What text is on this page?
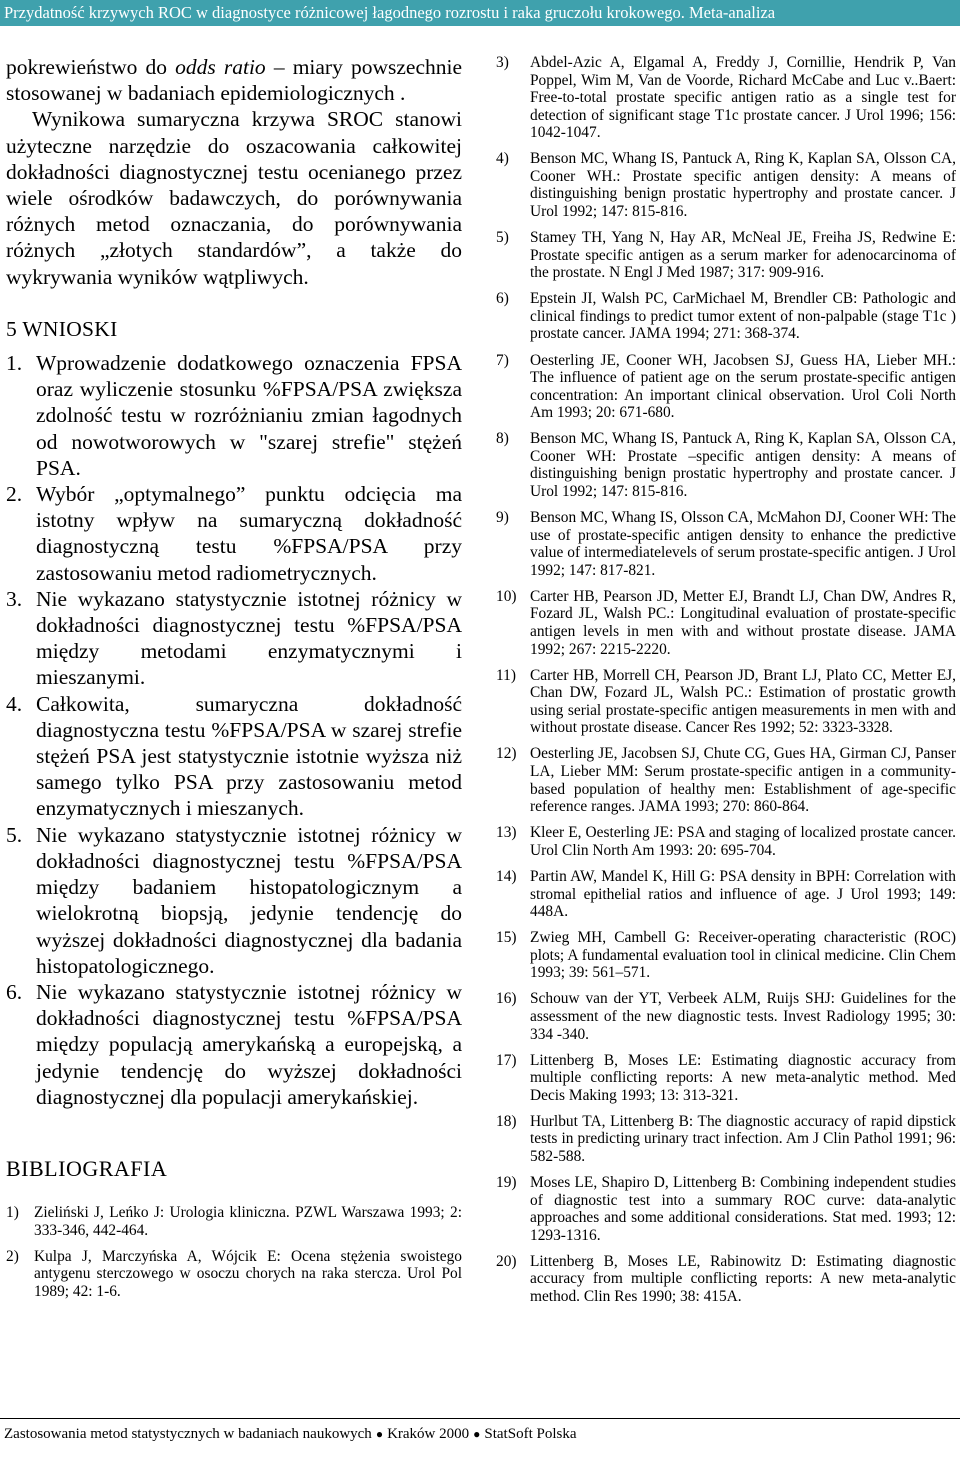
Przydatność krzywych ROC w diagnostyce różnicowej łagodnego rozrostu i raka gruczołu krokowego. Meta-analiza

pokrewieństwo do odds ratio – miary powszechnie stosowanej w badaniach epidemiologicznych .

Wynikowa sumaryczna krzywa SROC stanowi użyteczne narzędzie do oszacowania całkowitej dokładności diagnostycznej testu ocenianego przez wiele ośrodków badawczych, do porównywania różnych metod oznaczania, do porównywania różnych „złotych standardów”, a także do wykrywania wyników wątpliwych.

5 WNIOSKI
1. Wprowadzenie dodatkowego oznaczenia FPSA oraz wyliczenie stosunku %FPSA/PSA zwiększa zdolność testu w rozróżnianiu zmian łagodnych od nowotworowych w "szarej strefie" stężeń PSA.

2. Wybór „optymalnego” punktu odcięcia ma istotny wpływ na sumaryczną dokładność diagnostyczną testu %FPSA/PSA przy zastosowaniu metod radiometrycznych.

3. Nie wykazano statystycznie istotnej różnicy w dokładności diagnostycznej testu %FPSA/PSA między metodami enzymatycznymi i mieszanymi.

4. Całkowita, sumaryczna dokładność diagnostyczna testu %FPSA/PSA w szarej strefie stężeń PSA jest statystycznie istotnie wyższa niż samego tylko PSA przy zastosowaniu metod enzymatycznych i mieszanych.

5. Nie wykazano statystycznie istotnej różnicy w dokładności diagnostycznej testu %FPSA/PSA między badaniem histopatologicznym a wielokrotną biopsją, jedynie tendencję do wyższej dokładności diagnostycznej dla badania histopatologicznego.

6. Nie wykazano statystycznie istotnej różnicy w dokładności diagnostycznej testu %FPSA/PSA między populacją amerykańską a europejską, a jedynie tendencję do wyższej dokładności diagnostycznej dla populacji amerykańskiej.

BIBLIOGRAFIA
1) Zieliński J, Leńko J: Urologia kliniczna. PZWL Warszawa 1993; 2: 333-346, 442-464.
2) Kulpa J, Marczyńska A, Wójcik E: Ocena stężenia swoistego antygenu sterczowego w osoczu chorych na raka stercza. Urol Pol 1989; 42: 1-6.
3)	Abdel-Azic A, Elgamal A, Freddy J, Cornillie, Hendrik P, Van Poppel, Wim M, Van de Voorde, Richard McCabe and Luc v..Baert: Free-to-total prostate specific antigen ratio as a single test for detection of significant stage T1c prostate cancer. J Urol 1996; 156: 1042-1047.
4)	Benson MC, Whang IS, Pantuck A, Ring K, Kaplan SA, Olsson CA, Cooner WH.: Prostate specific antigen density: A means of distinguishing benign prostatic hypertrophy and prostate cancer. J Urol 1992; 147: 815-816.
5)	Stamey TH, Yang N, Hay AR, McNeal JE, Freiha JS, Redwine E: Prostate specific antigen as a serum marker for adenocarcinoma of the prostate. N Engl J Med 1987; 317: 909-916.
6)	Epstein JI, Walsh PC, CarMichael M, Brendler CB: Pathologic and clinical findings to predict tumor extent of non-palpable (stage T1c ) prostate cancer. JAMA 1994; 271: 368-374.
7)	Oesterling JE, Cooner WH, Jacobsen SJ, Guess HA, Lieber MH.: The influence of patient age on the serum prostate-specific antigen concentration: An important clinical observation. Urol Coli North Am 1993; 20: 671-680.
8)	Benson MC, Whang IS, Pantuck A, Ring K, Kaplan SA, Olsson CA, Cooner WH: Prostate –specific antigen density: A means of distinguishing benign prostatic hypertrophy and prostate cancer. J Urol 1992; 147: 815-816.
9)	Benson MC, Whang IS, Olsson CA, McMahon DJ, Cooner WH: The use of prostate-specific antigen density to enhance the predictive value of intermediatelevels of serum prostate-specific antigen. J Urol 1992; 147: 817-821.
10) Carter HB, Pearson JD, Metter EJ, Brandt LJ, Chan DW, Andres R, Fozard JL, Walsh PC.: Longitudinal evaluation of prostate-specific antigen levels in men with and without prostate disease. JAMA 1992; 267: 2215-2220.
11) Carter HB, Morrell CH, Pearson JD, Brant LJ, Plato CC, Metter EJ, Chan DW, Fozard JL, Walsh PC.: Estimation of prostatic growth using serial prostate-specific antigen measurements in men with and without prostate disease. Cancer Res 1992; 52: 3323-3328.
12) Oesterling JE, Jacobsen SJ, Chute CG, Gues HA, Girman CJ, Panser LA, Lieber MM: Serum prostate-specific antigen in a community-based population of healthy men: Establishment of age-specific reference ranges. JAMA 1993; 270: 860-864.
13) Kleer E, Oesterling JE: PSA and staging of localized prostate cancer. Urol Clin North Am 1993: 20: 695-704.
14) Partin AW, Mandel K, Hill G: PSA density in BPH: Correlation with stromal epithelial ratios and influence of age. J Urol 1993; 149: 448A.
15) Zwieg MH, Cambell G: Receiver-operating characteristic (ROC) plots; A fundamental evaluation tool in clinical medicine. Clin Chem 1993; 39: 561–571.
16) Schouw van der YT, Verbeek ALM, Ruijs SHJ: Guidelines for the assessment of the new diagnostic tests. Invest Radiology 1995; 30: 334 -340.
17) Littenberg B, Moses LE: Estimating diagnostic accuracy from multiple conflicting reports: A new meta-analytic method. Med Decis Making 1993; 13: 313-321.
18) Hurlbut TA, Littenberg B: The diagnostic accuracy of rapid dipstick tests in predicting urinary tract infection. Am J Clin Pathol 1991; 96: 582-588.
19) Moses LE, Shapiro D, Littenberg B: Combining independent studies of diagnostic test into a summary ROC curve: data-analytic approaches and some additional considerations. Stat med. 1993; 12: 1293-1316.
20) Littenberg B, Moses LE, Rabinowitz D: Estimating diagnostic accuracy from multiple conflicting reports: A new meta-analytic method. Clin Res 1990; 38: 415A.
Zastosowania metod statystycznych w badaniach naukowych ● Kraków 2000 ● StatSoft Polska
